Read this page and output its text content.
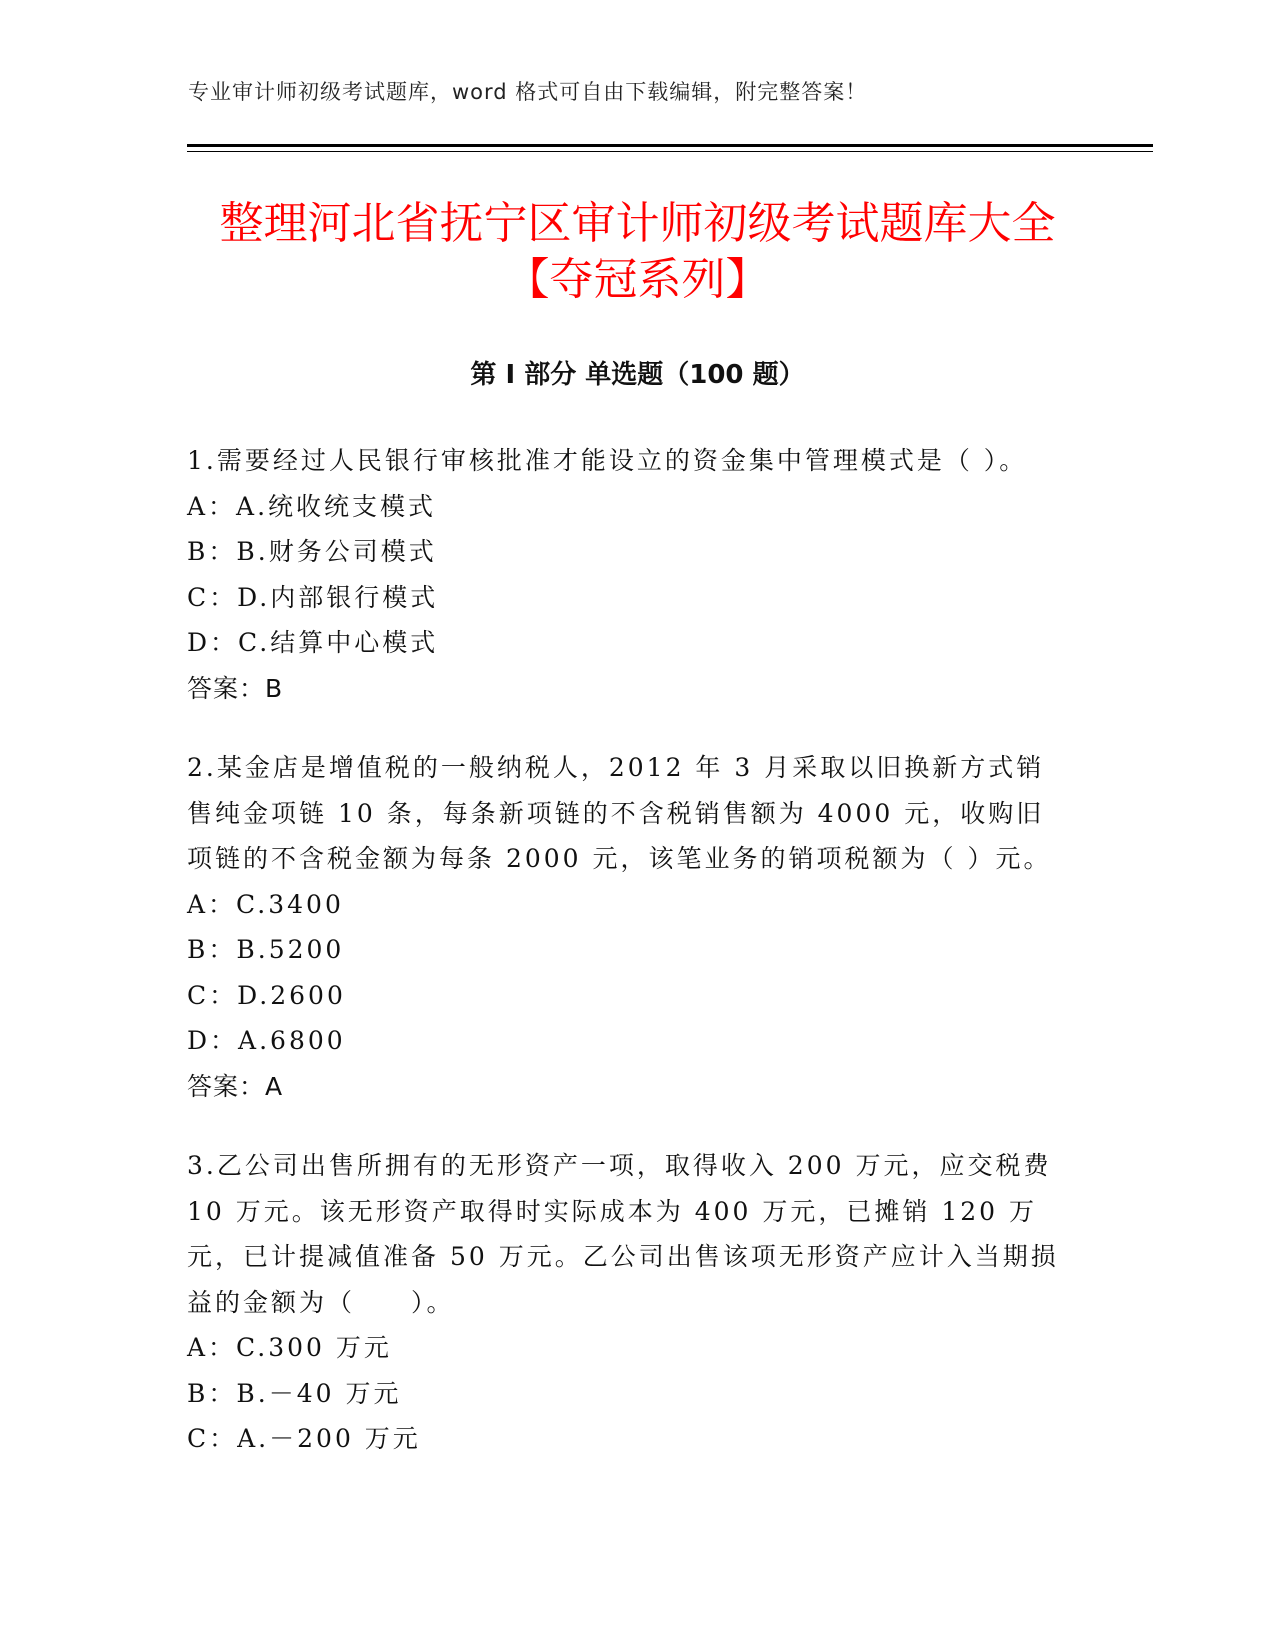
专业审计师初级考试题库，word 格式可自由下载编辑，附完整答案！
整理河北省抚宁区审计师初级考试题库大全
【夺冠系列】
第 I 部分 单选题（100 题）

1.需要经过人民银行审核批准才能设立的资金集中管理模式是（ ）。

A：A.统收统支模式

B：B.财务公司模式

C：D.内部银行模式

D：C.结算中心模式

答案：B

2.某金店是增值税的一般纳税人，2012 年 3 月采取以旧换新方式销售纯金项链 10 条，每条新项链的不含税销售额为 4000 元，收购旧项链的不含税金额为每条 2000 元，该笔业务的销项税额为（ ）元。

A：C.3400

B：B.5200

C：D.2600

D：A.6800

答案：A

3.乙公司出售所拥有的无形资产一项，取得收入 200 万元，应交税费 10 万元。该无形资产取得时实际成本为 400 万元，已摊销 120 万元，已计提减值准备 50 万元。乙公司出售该项无形资产应计入当期损益的金额为（　　）。

A：C.300 万元

B：B.－40 万元

C：A.－200 万元
